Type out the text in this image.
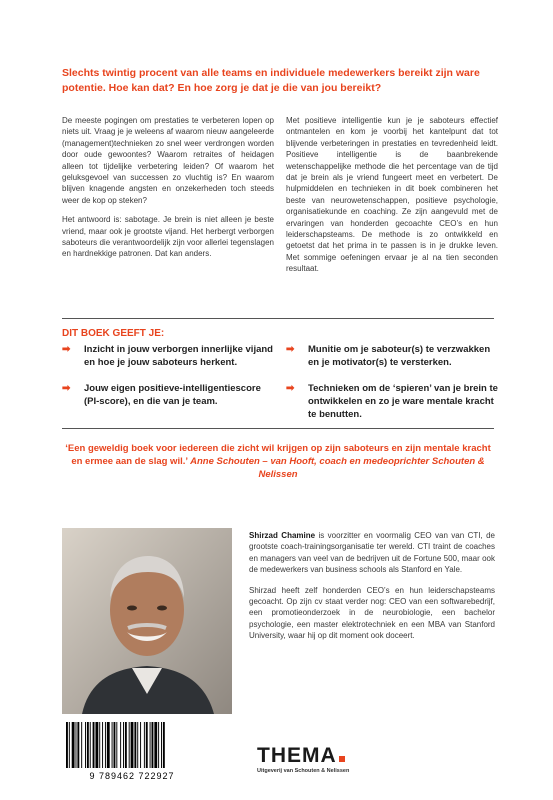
Slechts twintig procent van alle teams en individuele medewerkers bereikt zijn ware potentie. Hoe kan dat? En hoe zorg je dat je die van jou bereikt?

De meeste pogingen om prestaties te verbeteren lopen op niets uit. Vraag je je weleens af waarom nieuw aangeleerde (management)technieken zo snel weer verdrongen worden door oude gewoontes? Waarom retraites of heidagen alleen tot tijdelijke verbetering leiden? Of waarom het geluksgevoel van successen zo vluchtig is? En waarom blijven knagende angsten en onzekerheden toch steeds weer de kop op steken?

Het antwoord is: sabotage. Je brein is niet alleen je beste vriend, maar ook je grootste vijand. Het herbergt verborgen saboteurs die verantwoordelijk zijn voor allerlei tegenslagen en hardnekkige patronen. Dat kan anders.

Met positieve intelligentie kun je je saboteurs effectief ontmantelen en kom je voorbij het kantelpunt dat tot blijvende verbeteringen in prestaties en tevredenheid leidt. Positieve intelligentie is de baanbrekende wetenschappelijke methode die het percentage van de tijd dat je brein als je vriend fungeert meet en verbetert. De hulpmiddelen en technieken in dit boek combineren het beste van neurowetenschappen, positieve psychologie, organisatiekunde en coaching. Ze zijn aangevuld met de ervaringen van honderden gecoachte CEO’s en hun leiderschapsteams. De methode is zo ontwikkeld en getoetst dat het prima in te passen is in je drukke leven. Met sommige oefeningen ervaar je al na tien seconden resultaat.

DIT BOEK GEEFT JE:
➡	Inzicht in jouw verborgen innerlijke vijand en hoe je jouw saboteurs herkent.
➡	Jouw eigen positieve-intelligentiescore (PI-score), en die van je team.
➡	Munitie om je saboteur(s) te verzwakken en je motivator(s) te versterken.
➡	Technieken om de ‘spieren’ van je brein te ontwikkelen en zo je ware mentale kracht te benutten.
‘Een geweldig boek voor iedereen die zicht wil krijgen op zijn saboteurs en zijn mentale kracht en ermee aan de slag wil.’ Anne Schouten – van Hooft, coach en medeoprichter Schouten & Nelissen

Shirzad Chamine is voorzitter en voormalig CEO van van CTI, de grootste coach-trainingsorganisatie ter wereld. CTI traint de coaches en managers van veel van de bedrijven uit de Fortune 500, maar ook de medewerkers van business schools als Stanford en Yale.

Shirzad heeft zelf honderden CEO’s en hun leiderschapsteams gecoacht. Op zijn cv staat verder nog: CEO van een softwarebedrijf, een promotieonderzoek in de neurobiologie, een bachelor psychologie, een master elektrotechniek en een MBA van Stanford University, waar hij op dit moment ook doceert.

9 789462 722927
THEMA
Uitgeverij van Schouten & Nelissen
